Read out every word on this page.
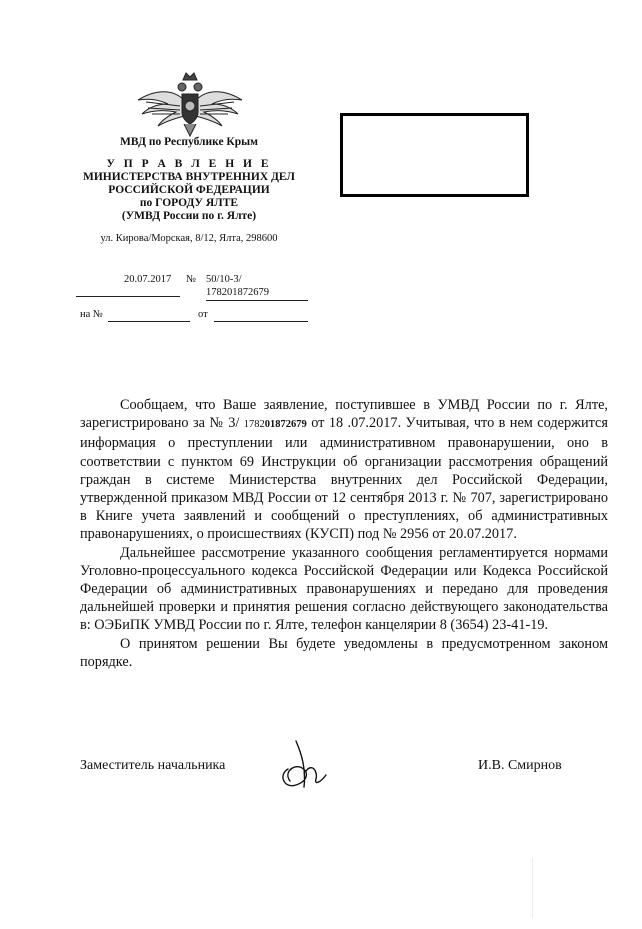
МВД по Республике Крым
У П Р А В Л Е Н И Е
МИНИСТЕРСТВА ВНУТРЕННИХ ДЕЛ
РОССИЙСКОЙ ФЕДЕРАЦИИ
по ГОРОДУ ЯЛТЕ
(УМВД России по г. Ялте)
ул. Кирова/Морская, 8/12, Ялта, 298600
20.07.2017 № 50/10-3/
178201872679
на №	от

Сообщаем, что Ваше заявление, поступившее в УМВД России по г. Ялте, зарегистрировано за № 3/ 178201872679 от 18 .07.2017. Учитывая, что в нем содержится информация о преступлении или административном правонарушении, оно в соответствии с пунктом 69 Инструкции об организации рассмотрения обращений граждан в системе Министерства внутренних дел Российской Федерации, утвержденной приказом МВД России от 12 сентября 2013 г. № 707, зарегистрировано в Книге учета заявлений и сообщений о преступлениях, об административных правонарушениях, о происшествиях (КУСП) под № 2956 от 20.07.2017.

Дальнейшее рассмотрение указанного сообщения регламентируется нормами Уголовно-процессуального кодекса Российской Федерации или Кодекса Российской Федерации об административных правонарушениях и передано для проведения дальнейшей проверки и принятия решения согласно действующего законодательства в: ОЭБиПК УМВД России по г. Ялте, телефон канцелярии 8 (3654) 23-41-19.

О принятом решении Вы будете уведомлены в предусмотренном законом порядке.

Заместитель начальника	И.В. Смирнов
